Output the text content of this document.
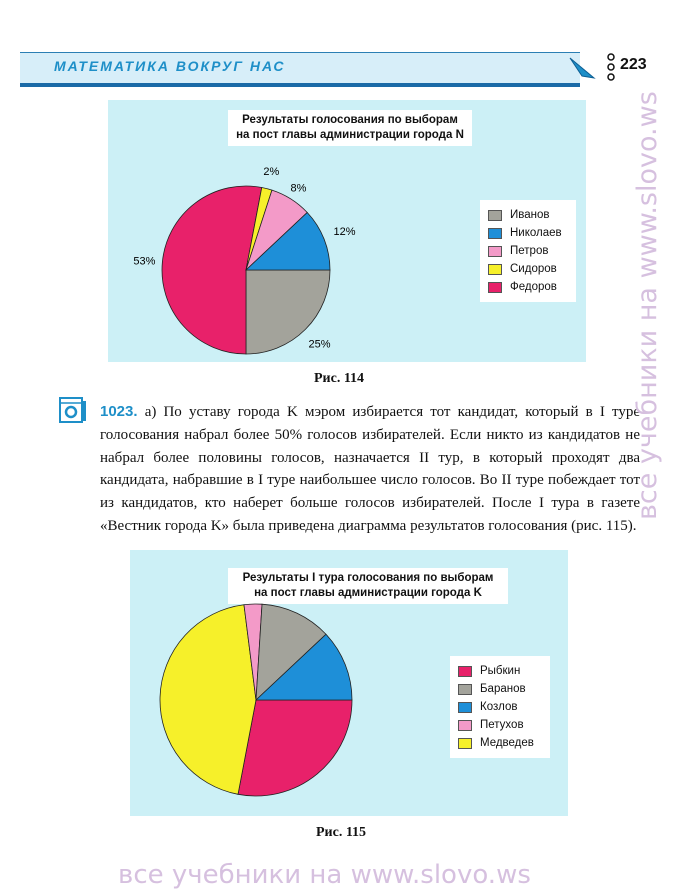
МАТЕМАТИКА ВОКРУГ НАС	223
Результаты голосования по выборам
на пост главы администрации города N
25%
53%
2%
8%
12%
Иванов
Николаев
Петров
Сидоров
Федоров
Рис. 114
1023. а) По уставу города K мэром избирается тот кандидат, который в I туре голосования набрал более 50% голосов избирателей. Если никто из кандидатов не набрал более половины голосов, назначается II тур, в который проходят два кандидата, набравшие в I туре наибольшее число голосов. Во II туре побеждает тот из кандидатов, кто наберет больше голосов избирателей. После I тура в газете «Вестник города K» была приведена диаграмма результатов голосования (рис. 115).
Результаты I тура голосования по выборам
на пост главы администрации города K
Рыбкин
Баранов
Козлов
Петухов
Медведев
Рис. 115
все учебники на www.slovo.ws
все учебники на www.slovo.ws
